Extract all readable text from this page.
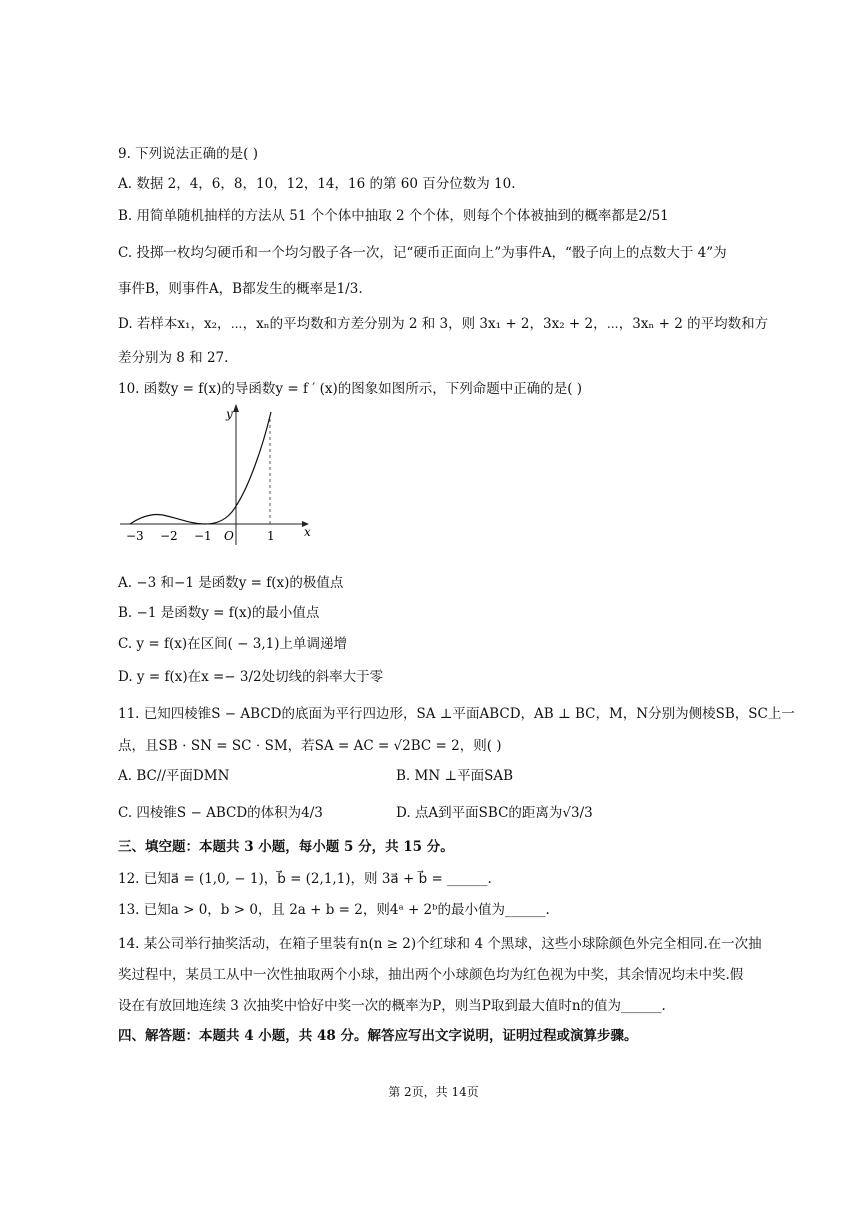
9. 下列说法正确的是( )
A. 数据 2，4，6，8，10，12，14，16 的第 60 百分位数为 10.
B. 用简单随机抽样的方法从 51 个个体中抽取 2 个个体，则每个个体被抽到的概率都是2/51
C. 投掷一枚均匀硬币和一个均匀骰子各一次，记“硬币正面向上”为事件A，“骰子向上的点数大于 4”为
事件B，则事件A，B都发生的概率是1/3.
D. 若样本x₁，x₂，⋯，xₙ的平均数和方差分别为 2 和 3，则 3x₁ + 2，3x₂ + 2，⋯，3xₙ + 2 的平均数和方
差分别为 8 和 27.
10. 函数y = f(x)的导函数y = f ′ (x)的图象如图所示，下列命题中正确的是( )
y
x
O
−3 −2 −1	1
A. −3 和−1 是函数y = f(x)的极值点
B. −1 是函数y = f(x)的最小值点
C. y = f(x)在区间( − 3,1)上单调递增
D. y = f(x)在x =− 3/2处切线的斜率大于零
11. 已知四棱锥S − ABCD的底面为平行四边形，SA ⊥平面ABCD，AB ⊥ BC，M，N分别为侧棱SB，SC上一
点，且SB ⋅ SN = SC ⋅ SM，若SA = AC = √2BC = 2，则( )
A. BC//平面DMN	B. MN ⊥平面SAB
C. 四棱锥S − ABCD的体积为4/3	D. 点A到平面SBC的距离为√3/3
三、填空题：本题共 3 小题，每小题 5 分，共 15 分。
12. 已知a⃗ = (1,0, − 1)，b⃗ = (2,1,1)，则 3a⃗ + b⃗ = ______.
13. 已知a > 0，b > 0，且 2a + b = 2，则4ᵃ + 2ᵇ的最小值为______.
14. 某公司举行抽奖活动，在箱子里装有n(n ≥ 2)个红球和 4 个黑球，这些小球除颜色外完全相同.在一次抽
奖过程中，某员工从中一次性抽取两个小球，抽出两个小球颜色均为红色视为中奖，其余情况均未中奖.假
设在有放回地连续 3 次抽奖中恰好中奖一次的概率为P，则当P取到最大值时n的值为______.
四、解答题：本题共 4 小题，共 48 分。解答应写出文字说明，证明过程或演算步骤。
第 2页，共 14页
